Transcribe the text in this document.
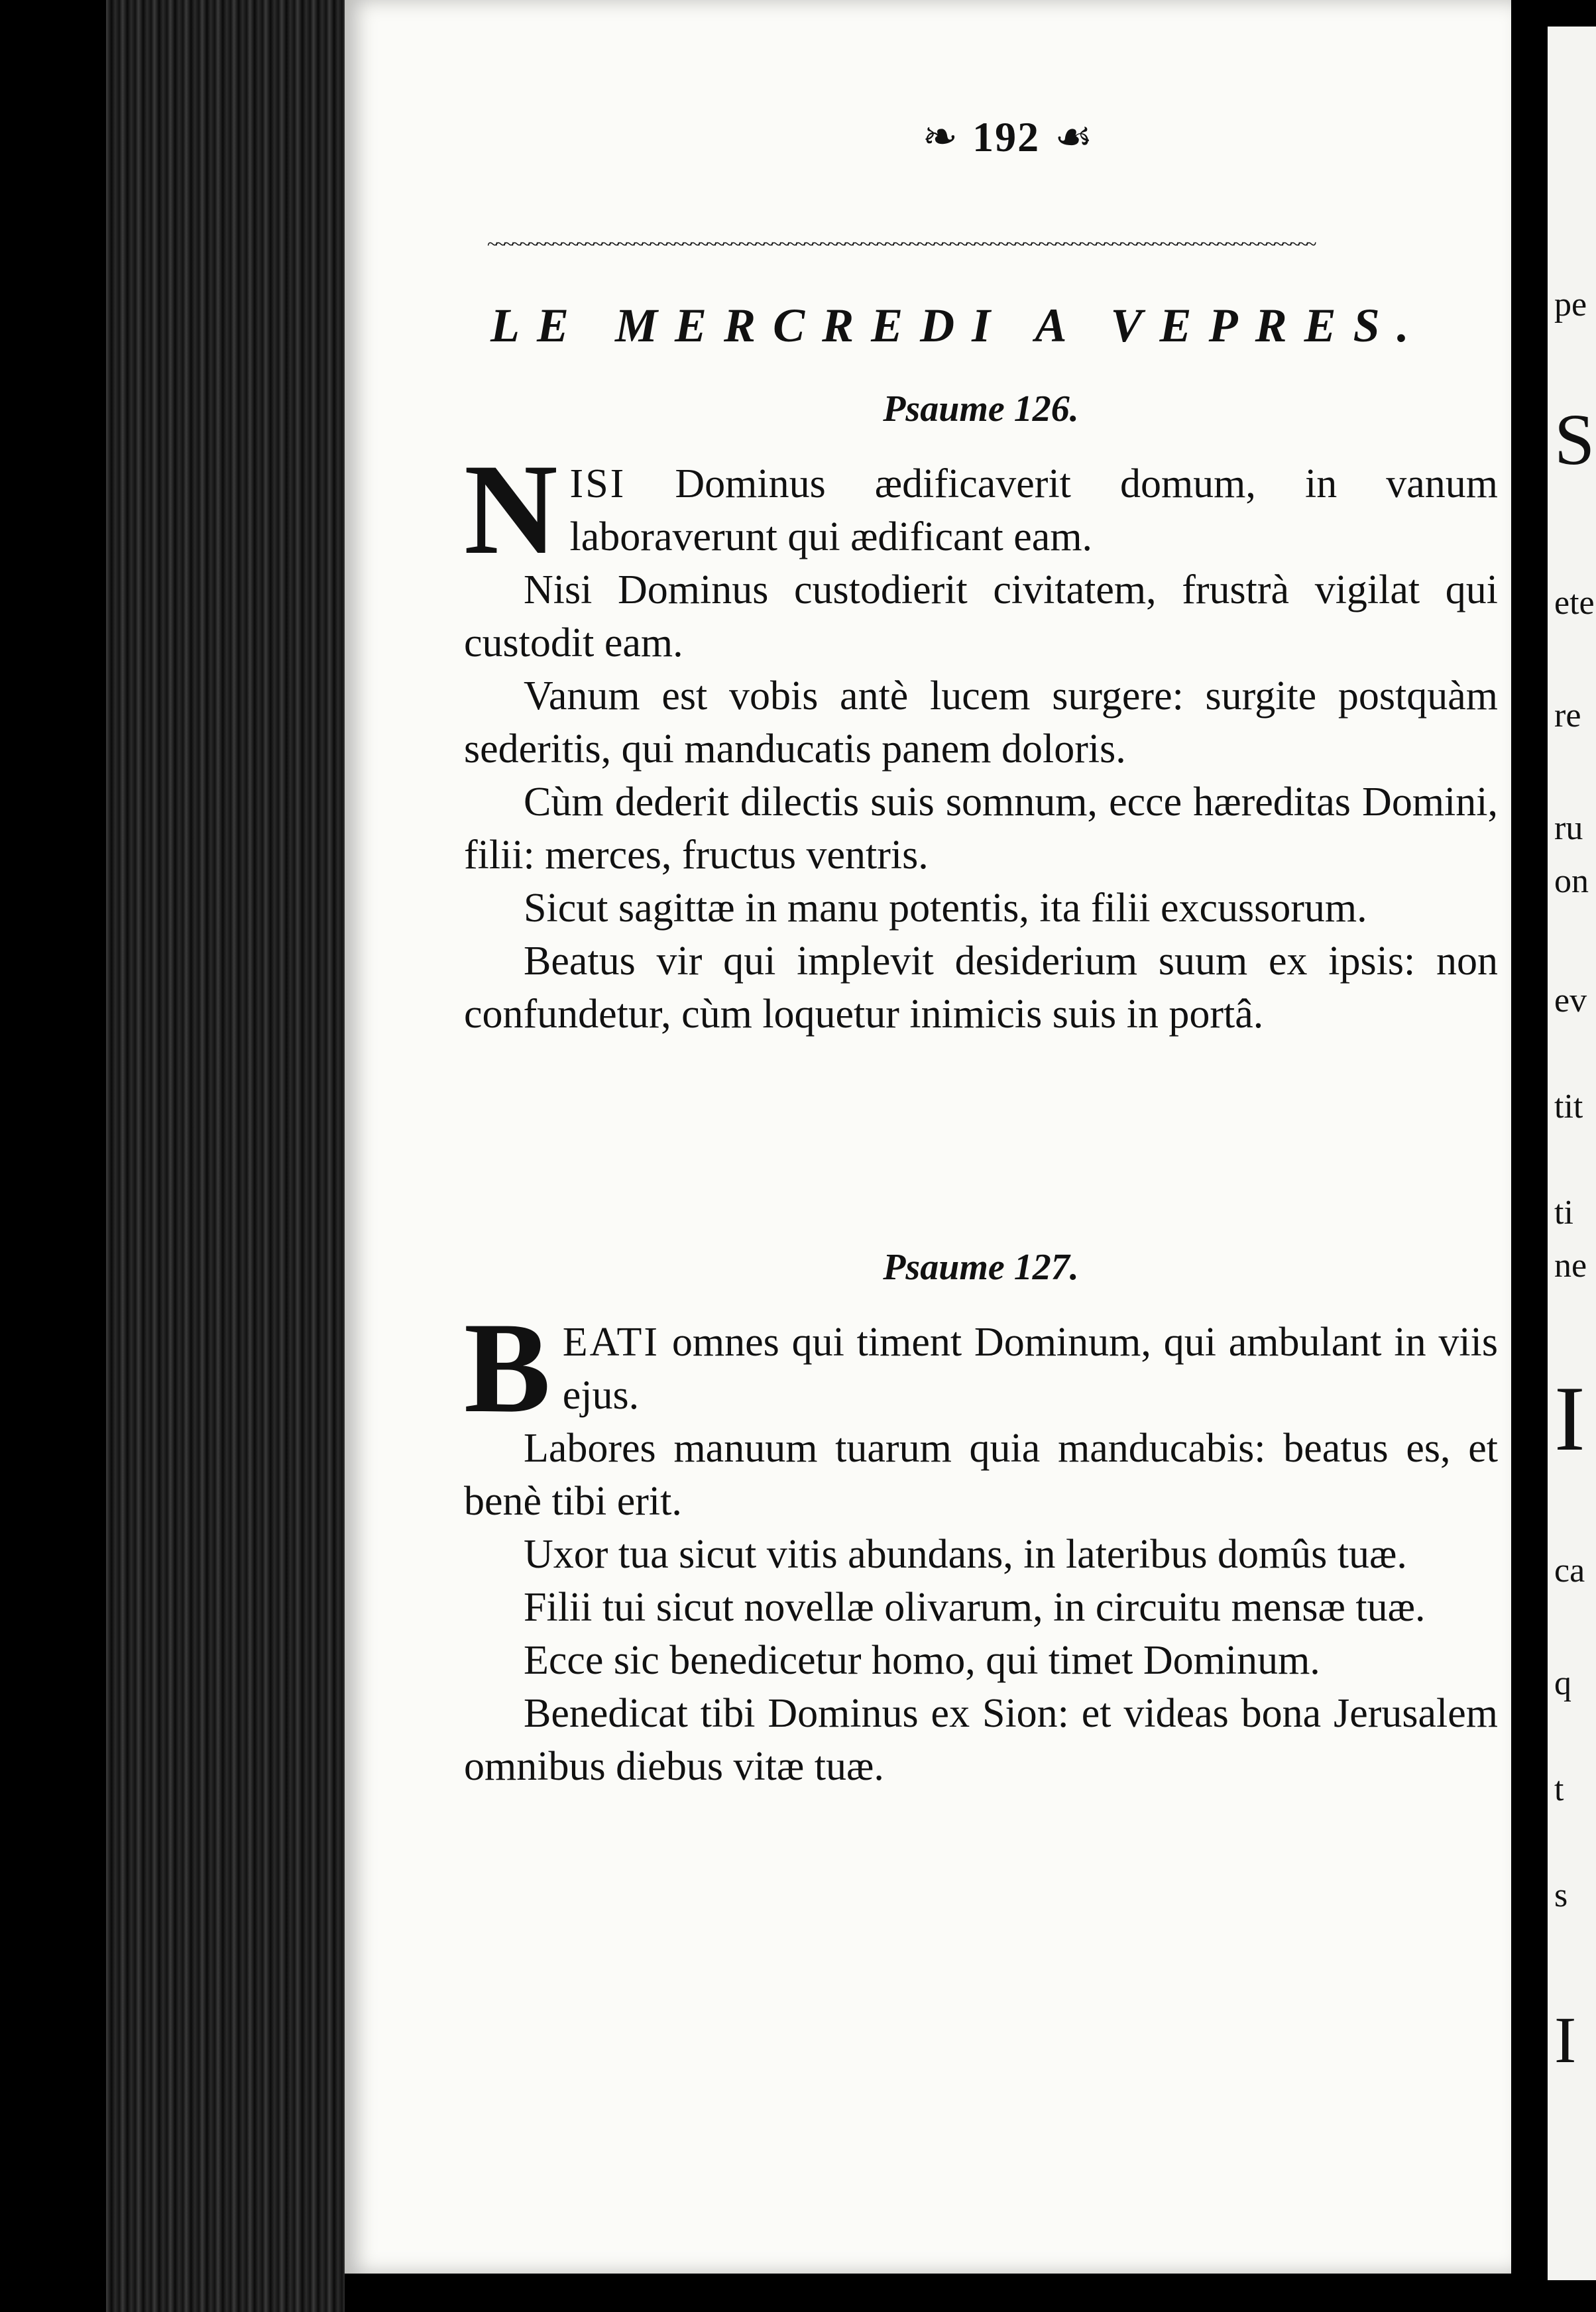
pe
S
ete
re
ru
on
ev
tit
ti
ne
I
ca
q
t
s
I
❧ 192 ☙
~~~~~~~~~~~~~~~~~~~~~~~~~~~~~~~~~~~~~~~~~~~~~~~~~~~~~~~~~~~~~~~~~~~~~~~~~~~~~~~~~~~~~~~~~~~~~~~~~~~~~~
LE MERCREDI A VEPRES.
Psaume 126.

NISI Dominus ædificaverit domum, in vanum laboraverunt qui ædificant eam.

Nisi Dominus custodierit civitatem, frustrà vigilat qui custodit eam.

Vanum est vobis antè lucem surgere: surgite postquàm sederitis, qui manducatis panem doloris.

Cùm dederit dilectis suis somnum, ecce hæreditas Domini, filii: merces, fructus ventris.

Sicut sagittæ in manu potentis, ita filii excussorum.

Beatus vir qui implevit desiderium suum ex ipsis: non confundetur, cùm loquetur inimicis suis in portâ.

Psaume 127.

BEATI omnes qui timent Dominum, qui ambulant in viis ejus.

Labores manuum tuarum quia manducabis: beatus es, et benè tibi erit.

Uxor tua sicut vitis abundans, in lateribus domûs tuæ.

Filii tui sicut novellæ olivarum, in circuitu mensæ tuæ.

Ecce sic benedicetur homo, qui timet Dominum.

Benedicat tibi Dominus ex Sion: et videas bona Jerusalem omnibus diebus vitæ tuæ.
